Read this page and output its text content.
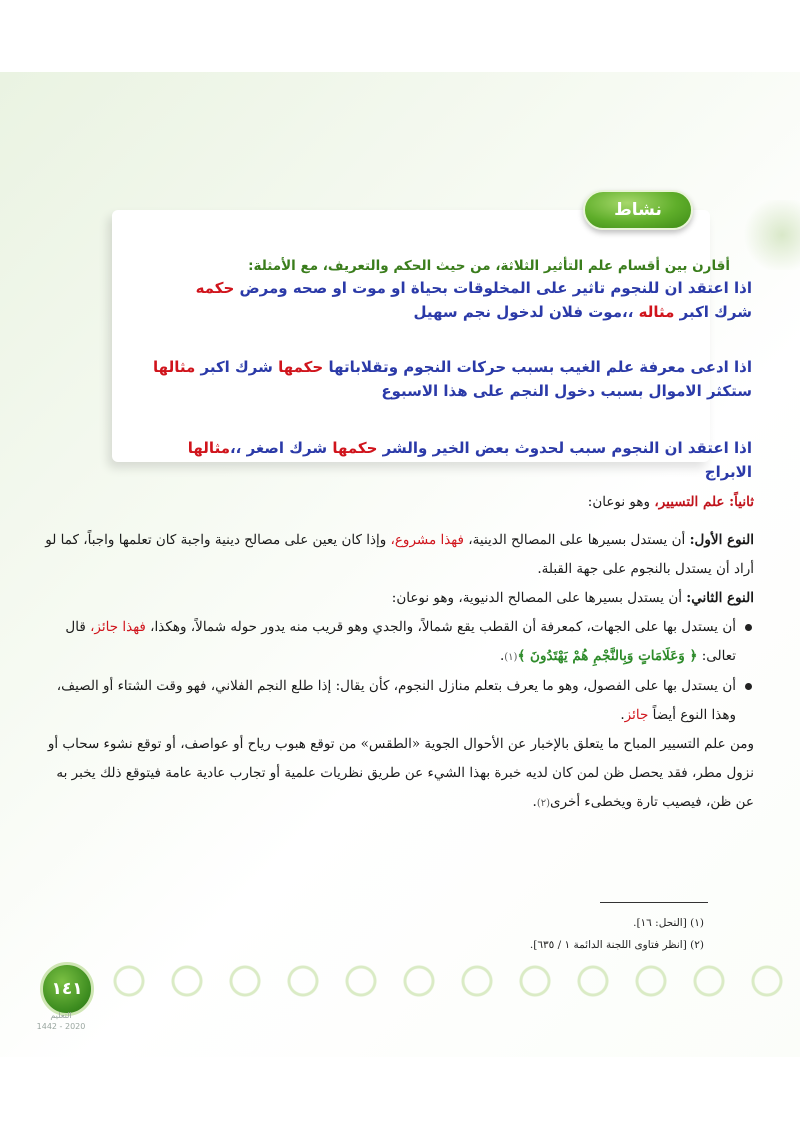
نشاط
أقارن بين أقسام علم التأثير الثلاثة، من حيث الحكم والتعريف، مع الأمثلة:
اذا اعتقد ان للنجوم تاثير على المخلوقات بحياة او موت او صحه ومرض حكمه
شرك اكبر مثاله ،،موت فلان لدخول نجم سهيل
اذا ادعى معرفة علم الغيب بسبب حركات النجوم وتقلاباتها حكمها شرك اكبر مثالها
ستكثر الاموال بسبب دخول النجم على هذا الاسبوع
اذا اعتقد ان النجوم سبب لحدوث بعض الخير والشر حكمها شرك اصغر ،،مثالها
الابراج
ثانياً: علم التسيير، وهو نوعان:
النوع الأول: أن يستدل بسيرها على المصالح الدينية، فهذا مشروع، وإذا كان يعين على مصالح دينية واجبة كان تعلمها واجباً، كما لو أراد أن يستدل بالنجوم على جهة القبلة.
النوع الثاني: أن يستدل بسيرها على المصالح الدنيوية، وهو نوعان:
أن يستدل بها على الجهات، كمعرفة أن القطب يقع شمالاً، والجدي وهو قريب منه يدور حوله شمالاً، وهكذا، فهذا جائز، قال تعالى: ﴿ وَعَلَامَاتٍ وَبِالنَّجْمِ هُمْ يَهْتَدُونَ ﴾(١).
أن يستدل بها على الفصول، وهو ما يعرف بتعلم منازل النجوم، كأن يقال: إذا طلع النجم الفلاني، فهو وقت الشتاء أو الصيف، وهذا النوع أيضاً جائز.
ومن علم التسيير المباح ما يتعلق بالإخبار عن الأحوال الجوية «الطقس» من توقع هبوب رياح أو عواصف، أو توقع نشوء سحاب أو نزول مطر، فقد يحصل ظن لمن كان لديه خبرة بهذا الشيء عن طريق نظريات علمية أو تجارب عادية عامة فيتوقع ذلك يخبر به عن ظن، فيصيب تارة ويخطىء أخرى(٢).
(١) [النحل: ١٦].
(٢) [انظر فتاوى اللجنة الدائمة ١ / ٦٣٥].
١٤١
التعليم
2020 - 1442
